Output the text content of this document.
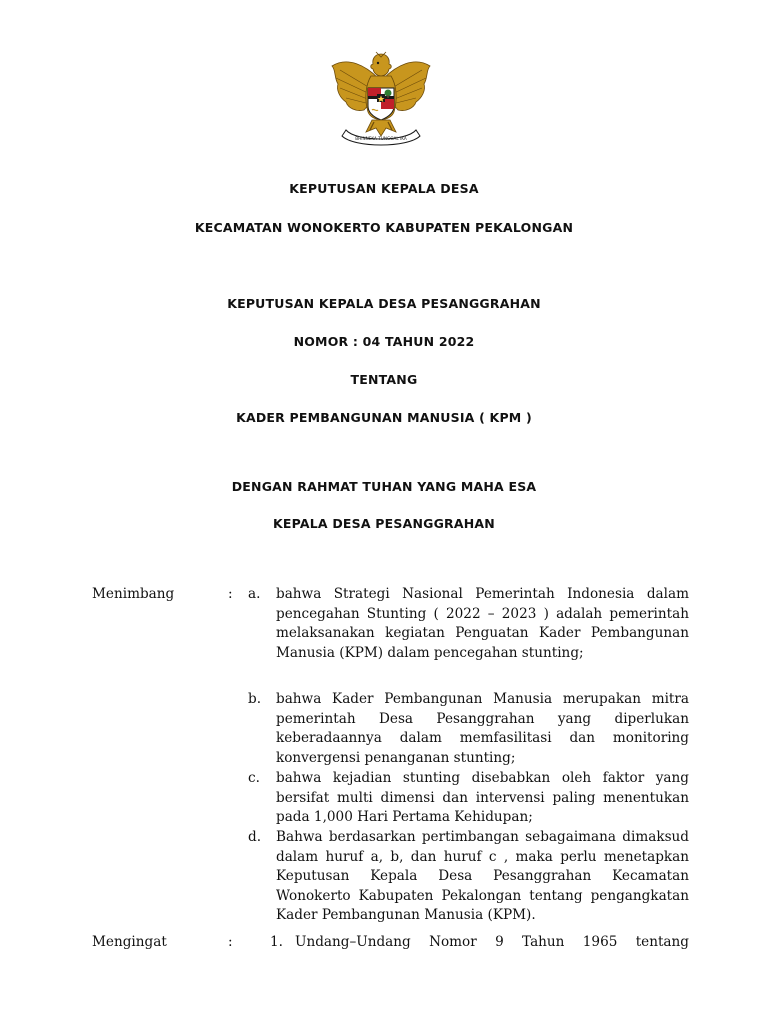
BHINNEKA TUNGGAL IKA
KEPUTUSAN KEPALA DESA
KECAMATAN WONOKERTO KABUPATEN PEKALONGAN
KEPUTUSAN KEPALA DESA PESANGGRAHAN
NOMOR : 04 TAHUN 2022
TENTANG
KADER PEMBANGUNAN MANUSIA ( KPM )
DENGAN RAHMAT TUHAN YANG MAHA ESA
KEPALA DESA PESANGGRAHAN
Menimbang	: a. bahwa Strategi Nasional Pemerintah Indonesia dalam pencegahan Stunting ( 2022 – 2023 ) adalah pemerintah melaksanakan kegiatan Penguatan Kader Pembangunan Manusia (KPM) dalam pencegahan stunting;
b. bahwa Kader Pembangunan Manusia merupakan mitra pemerintah Desa Pesanggrahan yang diperlukan keberadaannya dalam memfasilitasi dan monitoring konvergensi penanganan stunting;
c. bahwa kejadian stunting disebabkan oleh faktor yang bersifat multi dimensi dan intervensi paling menentukan pada 1,000 Hari Pertama Kehidupan;
d. Bahwa berdasarkan pertimbangan sebagaimana dimaksud dalam huruf a, b, dan huruf c , maka perlu menetapkan Keputusan Kepala Desa Pesanggrahan Kecamatan Wonokerto Kabupaten Pekalongan tentang pengangkatan Kader Pembangunan Manusia (KPM).
Mengingat	:	1. Undang–Undang Nomor 9 Tahun 1965 tentang
